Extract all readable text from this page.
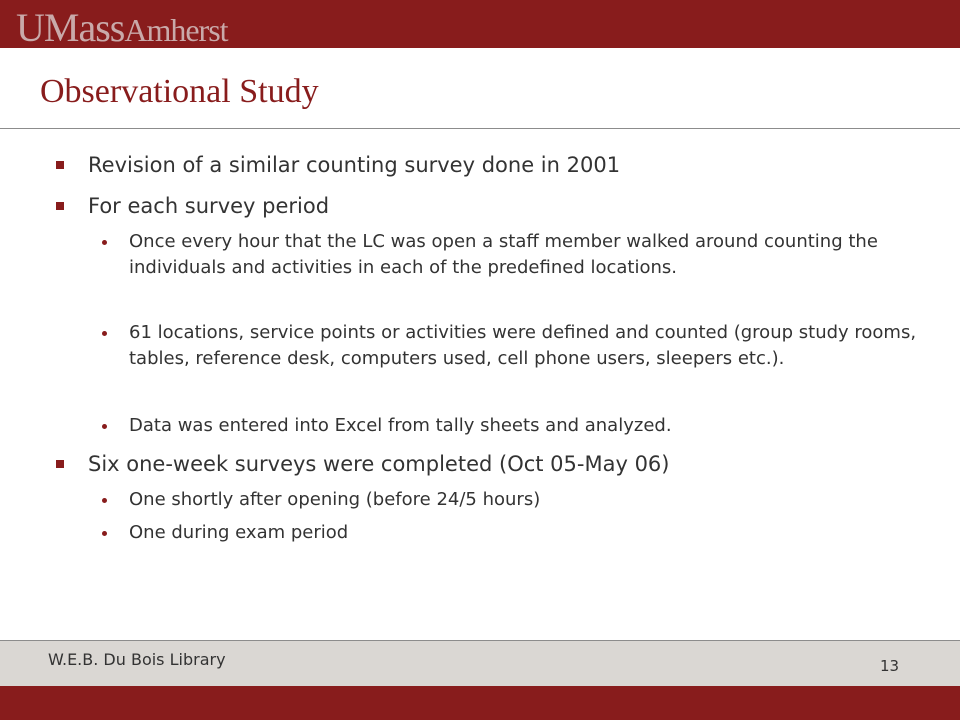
UMassAmherst
Observational Study
Revision of a similar counting survey done in 2001
For each survey period
Once every hour that the LC was open a staff member walked around counting the individuals and activities in each of the predefined locations.
61 locations, service points or activities were defined and counted (group study rooms, tables, reference desk, computers used, cell phone users, sleepers etc.).
Data was entered into Excel from tally sheets and analyzed.
Six one-week surveys were completed (Oct 05-May 06)
One shortly after opening (before 24/5 hours)
One during exam period
W.E.B. Du Bois Library	13
